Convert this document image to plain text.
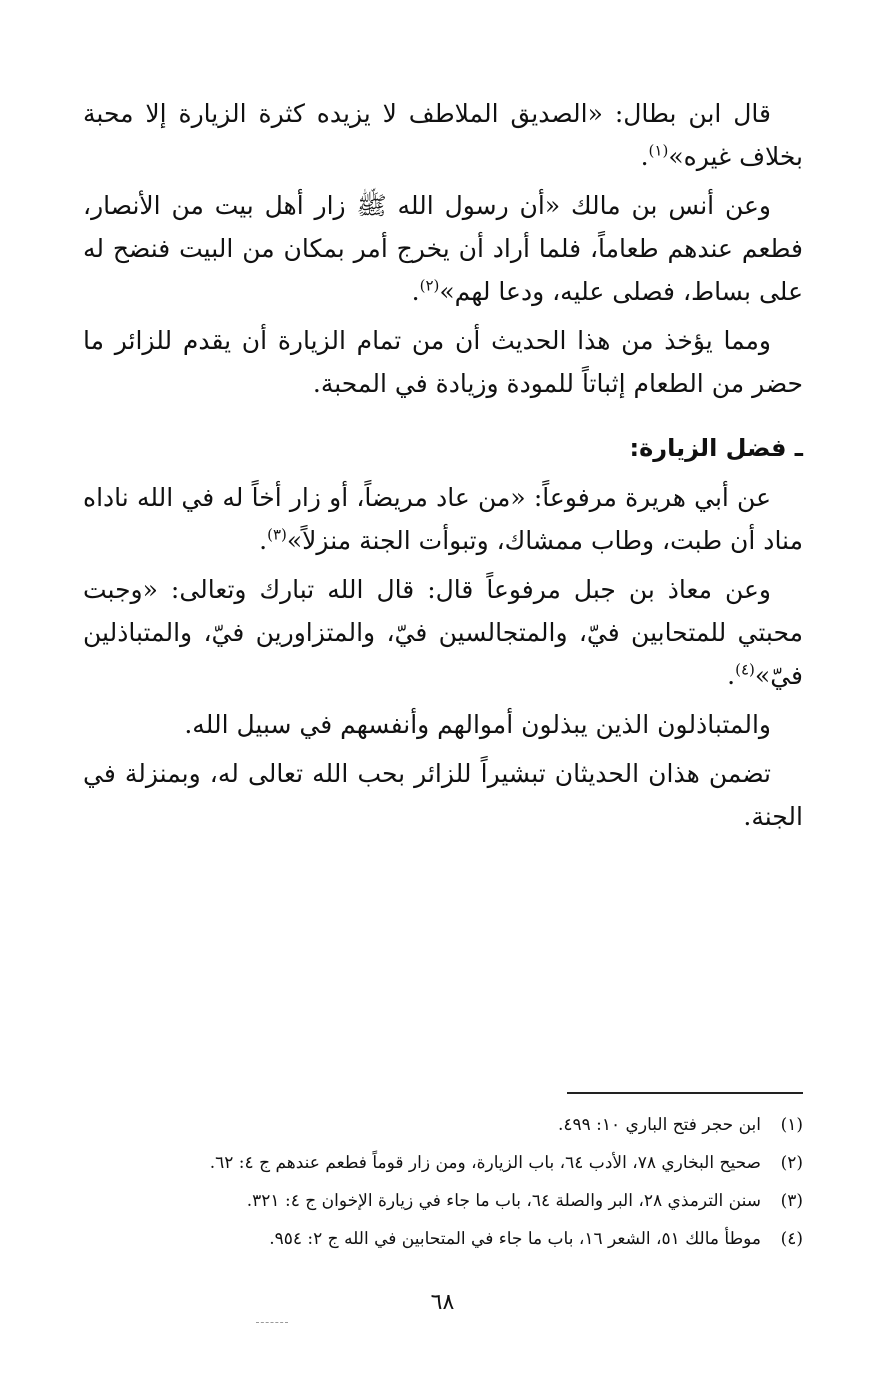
قال ابن بطال: «الصديق الملاطف لا يزيده كثرة الزيارة إلا محبة بخلاف غيره»$^{(١)}$.

وعن أنس بن مالك «أن رسول الله ﷺ زار أهل بيت من الأنصار، فطعم عندهم طعاماً، فلما أراد أن يخرج أمر بمكان من البيت فنضح له على بساط، فصلى عليه، ودعا لهم»$^{(٢)}$.

ومما يؤخذ من هذا الحديث أن من تمام الزيارة أن يقدم للزائر ما حضر من الطعام إثباتاً للمودة وزيادة في المحبة.

ـ فضل الزيارة:

عن أبي هريرة مرفوعاً: «من عاد مريضاً، أو زار أخاً له في الله ناداه مناد أن طبت، وطاب ممشاك، وتبوأت الجنة منزلاً»$^{(٣)}$.

وعن معاذ بن جبل مرفوعاً قال: قال الله تبارك وتعالى: «وجبت محبتي للمتحابين فيّ، والمتجالسين فيّ، والمتزاورين فيّ، والمتباذلين فيّ»$^{(٤)}$.

والمتباذلون الذين يبذلون أموالهم وأنفسهم في سبيل الله.

تضمن هذان الحديثان تبشيراً للزائر بحب الله تعالى له، وبمنزلة في الجنة.

(١)ابن حجر فتح الباري ١٠: ٤٩٩.
(٢)صحيح البخاري ٧٨، الأدب ٦٤، باب الزيارة، ومن زار قوماً فطعم عندهم ج ٤: ٦٢.
(٣)سنن الترمذي ٢٨، البر والصلة ٦٤، باب ما جاء في زيارة الإخوان ج ٤: ٣٢١.
(٤)موطأ مالك ٥١، الشعر ١٦، باب ما جاء في المتحابين في الله ج ٢: ٩٥٤.
٦٨
